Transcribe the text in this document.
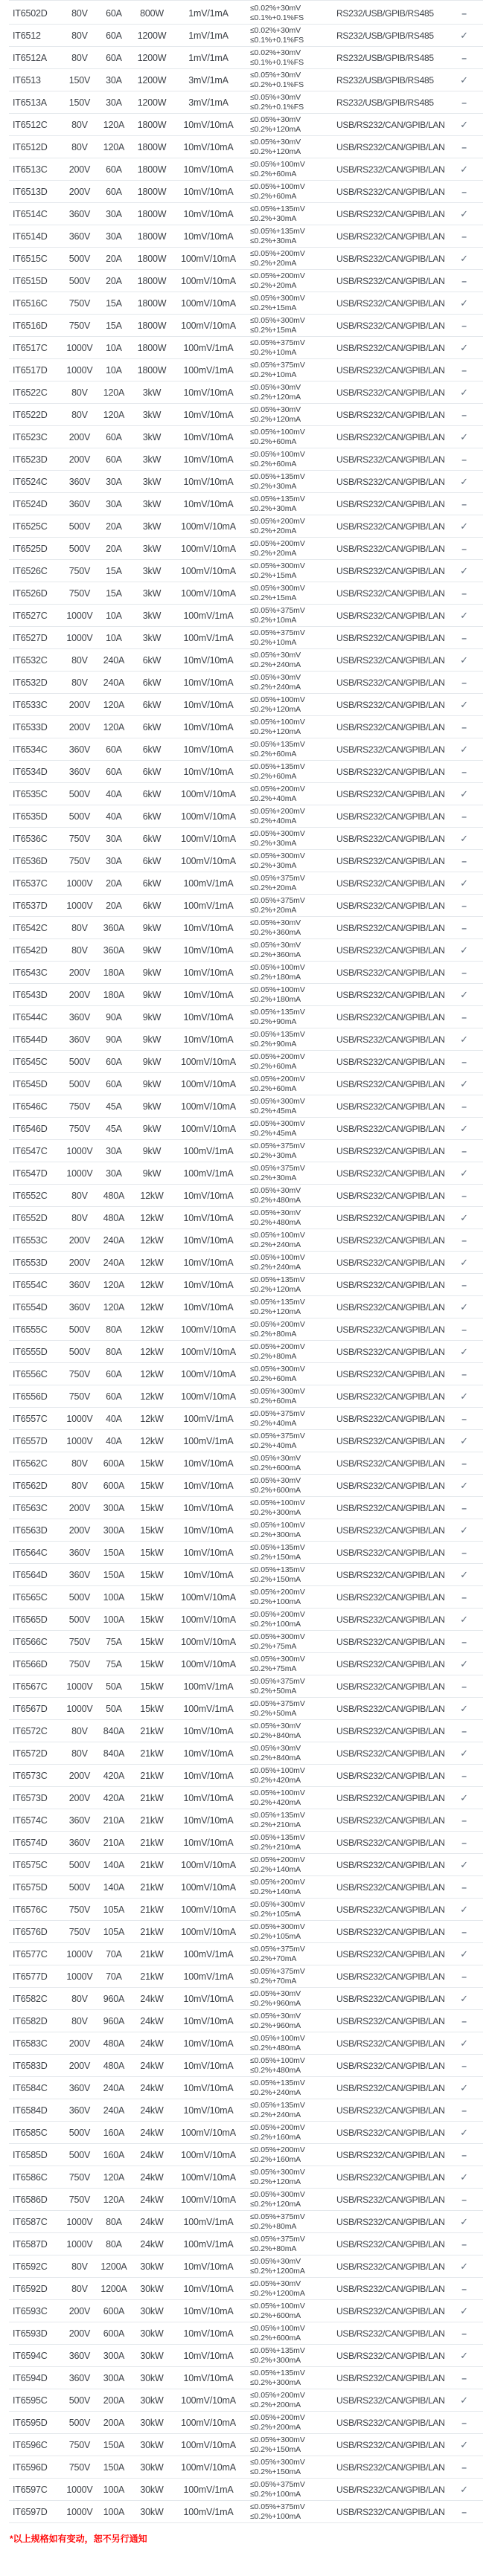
IT6502D	80V	60A	800W	1mV/1mA	≤0.02%+30mV
≤0.1%+0.1%FS	RS232/USB/GPIB/RS485	–
IT6512	80V	60A	1200W	1mV/1mA	≤0.02%+30mV
≤0.1%+0.1%FS	RS232/USB/GPIB/RS485	✓
IT6512A	80V	60A	1200W	1mV/1mA	≤0.02%+30mV
≤0.1%+0.1%FS	RS232/USB/GPIB/RS485	–
IT6513	150V	30A	1200W	3mV/1mA	≤0.05%+30mV
≤0.2%+0.1%FS	RS232/USB/GPIB/RS485	✓
IT6513A	150V	30A	1200W	3mV/1mA	≤0.05%+30mV
≤0.2%+0.1%FS	RS232/USB/GPIB/RS485	–
IT6512C	80V	120A	1800W	10mV/10mA	≤0.05%+30mV
≤0.2%+120mA	USB/RS232/CAN/GPIB/LAN	✓
IT6512D	80V	120A	1800W	10mV/10mA	≤0.05%+30mV
≤0.2%+120mA	USB/RS232/CAN/GPIB/LAN	–
IT6513C	200V	60A	1800W	10mV/10mA	≤0.05%+100mV
≤0.2%+60mA	USB/RS232/CAN/GPIB/LAN	✓
IT6513D	200V	60A	1800W	10mV/10mA	≤0.05%+100mV
≤0.2%+60mA	USB/RS232/CAN/GPIB/LAN	–
IT6514C	360V	30A	1800W	10mV/10mA	≤0.05%+135mV
≤0.2%+30mA	USB/RS232/CAN/GPIB/LAN	✓
IT6514D	360V	30A	1800W	10mV/10mA	≤0.05%+135mV
≤0.2%+30mA	USB/RS232/CAN/GPIB/LAN	–
IT6515C	500V	20A	1800W	100mV/10mA	≤0.05%+200mV
≤0.2%+20mA	USB/RS232/CAN/GPIB/LAN	✓
IT6515D	500V	20A	1800W	100mV/10mA	≤0.05%+200mV
≤0.2%+20mA	USB/RS232/CAN/GPIB/LAN	–
IT6516C	750V	15A	1800W	100mV/10mA	≤0.05%+300mV
≤0.2%+15mA	USB/RS232/CAN/GPIB/LAN	✓
IT6516D	750V	15A	1800W	100mV/10mA	≤0.05%+300mV
≤0.2%+15mA	USB/RS232/CAN/GPIB/LAN	–
IT6517C	1000V	10A	1800W	100mV/1mA	≤0.05%+375mV
≤0.2%+10mA	USB/RS232/CAN/GPIB/LAN	✓
IT6517D	1000V	10A	1800W	100mV/1mA	≤0.05%+375mV
≤0.2%+10mA	USB/RS232/CAN/GPIB/LAN	–
IT6522C	80V	120A	3kW	10mV/10mA	≤0.05%+30mV
≤0.2%+120mA	USB/RS232/CAN/GPIB/LAN	✓
IT6522D	80V	120A	3kW	10mV/10mA	≤0.05%+30mV
≤0.2%+120mA	USB/RS232/CAN/GPIB/LAN	–
IT6523C	200V	60A	3kW	10mV/10mA	≤0.05%+100mV
≤0.2%+60mA	USB/RS232/CAN/GPIB/LAN	✓
IT6523D	200V	60A	3kW	10mV/10mA	≤0.05%+100mV
≤0.2%+60mA	USB/RS232/CAN/GPIB/LAN	–
IT6524C	360V	30A	3kW	10mV/10mA	≤0.05%+135mV
≤0.2%+30mA	USB/RS232/CAN/GPIB/LAN	✓
IT6524D	360V	30A	3kW	10mV/10mA	≤0.05%+135mV
≤0.2%+30mA	USB/RS232/CAN/GPIB/LAN	–
IT6525C	500V	20A	3kW	100mV/10mA	≤0.05%+200mV
≤0.2%+20mA	USB/RS232/CAN/GPIB/LAN	✓
IT6525D	500V	20A	3kW	100mV/10mA	≤0.05%+200mV
≤0.2%+20mA	USB/RS232/CAN/GPIB/LAN	–
IT6526C	750V	15A	3kW	100mV/10mA	≤0.05%+300mV
≤0.2%+15mA	USB/RS232/CAN/GPIB/LAN	✓
IT6526D	750V	15A	3kW	100mV/10mA	≤0.05%+300mV
≤0.2%+15mA	USB/RS232/CAN/GPIB/LAN	–
IT6527C	1000V	10A	3kW	100mV/1mA	≤0.05%+375mV
≤0.2%+10mA	USB/RS232/CAN/GPIB/LAN	✓
IT6527D	1000V	10A	3kW	100mV/1mA	≤0.05%+375mV
≤0.2%+10mA	USB/RS232/CAN/GPIB/LAN	–
IT6532C	80V	240A	6kW	10mV/10mA	≤0.05%+30mV
≤0.2%+240mA	USB/RS232/CAN/GPIB/LAN	✓
IT6532D	80V	240A	6kW	10mV/10mA	≤0.05%+30mV
≤0.2%+240mA	USB/RS232/CAN/GPIB/LAN	–
IT6533C	200V	120A	6kW	10mV/10mA	≤0.05%+100mV
≤0.2%+120mA	USB/RS232/CAN/GPIB/LAN	✓
IT6533D	200V	120A	6kW	10mV/10mA	≤0.05%+100mV
≤0.2%+120mA	USB/RS232/CAN/GPIB/LAN	–
IT6534C	360V	60A	6kW	10mV/10mA	≤0.05%+135mV
≤0.2%+60mA	USB/RS232/CAN/GPIB/LAN	✓
IT6534D	360V	60A	6kW	10mV/10mA	≤0.05%+135mV
≤0.2%+60mA	USB/RS232/CAN/GPIB/LAN	–
IT6535C	500V	40A	6kW	100mV/10mA	≤0.05%+200mV
≤0.2%+40mA	USB/RS232/CAN/GPIB/LAN	✓
IT6535D	500V	40A	6kW	100mV/10mA	≤0.05%+200mV
≤0.2%+40mA	USB/RS232/CAN/GPIB/LAN	–
IT6536C	750V	30A	6kW	100mV/10mA	≤0.05%+300mV
≤0.2%+30mA	USB/RS232/CAN/GPIB/LAN	✓
IT6536D	750V	30A	6kW	100mV/10mA	≤0.05%+300mV
≤0.2%+30mA	USB/RS232/CAN/GPIB/LAN	–
IT6537C	1000V	20A	6kW	100mV/1mA	≤0.05%+375mV
≤0.2%+20mA	USB/RS232/CAN/GPIB/LAN	✓
IT6537D	1000V	20A	6kW	100mV/1mA	≤0.05%+375mV
≤0.2%+20mA	USB/RS232/CAN/GPIB/LAN	–
IT6542C	80V	360A	9kW	10mV/10mA	≤0.05%+30mV
≤0.2%+360mA	USB/RS232/CAN/GPIB/LAN	–
IT6542D	80V	360A	9kW	10mV/10mA	≤0.05%+30mV
≤0.2%+360mA	USB/RS232/CAN/GPIB/LAN	✓
IT6543C	200V	180A	9kW	10mV/10mA	≤0.05%+100mV
≤0.2%+180mA	USB/RS232/CAN/GPIB/LAN	–
IT6543D	200V	180A	9kW	10mV/10mA	≤0.05%+100mV
≤0.2%+180mA	USB/RS232/CAN/GPIB/LAN	✓
IT6544C	360V	90A	9kW	10mV/10mA	≤0.05%+135mV
≤0.2%+90mA	USB/RS232/CAN/GPIB/LAN	–
IT6544D	360V	90A	9kW	10mV/10mA	≤0.05%+135mV
≤0.2%+90mA	USB/RS232/CAN/GPIB/LAN	✓
IT6545C	500V	60A	9kW	100mV/10mA	≤0.05%+200mV
≤0.2%+60mA	USB/RS232/CAN/GPIB/LAN	–
IT6545D	500V	60A	9kW	100mV/10mA	≤0.05%+200mV
≤0.2%+60mA	USB/RS232/CAN/GPIB/LAN	✓
IT6546C	750V	45A	9kW	100mV/10mA	≤0.05%+300mV
≤0.2%+45mA	USB/RS232/CAN/GPIB/LAN	–
IT6546D	750V	45A	9kW	100mV/10mA	≤0.05%+300mV
≤0.2%+45mA	USB/RS232/CAN/GPIB/LAN	✓
IT6547C	1000V	30A	9kW	100mV/1mA	≤0.05%+375mV
≤0.2%+30mA	USB/RS232/CAN/GPIB/LAN	–
IT6547D	1000V	30A	9kW	100mV/1mA	≤0.05%+375mV
≤0.2%+30mA	USB/RS232/CAN/GPIB/LAN	✓
IT6552C	80V	480A	12kW	10mV/10mA	≤0.05%+30mV
≤0.2%+480mA	USB/RS232/CAN/GPIB/LAN	–
IT6552D	80V	480A	12kW	10mV/10mA	≤0.05%+30mV
≤0.2%+480mA	USB/RS232/CAN/GPIB/LAN	✓
IT6553C	200V	240A	12kW	10mV/10mA	≤0.05%+100mV
≤0.2%+240mA	USB/RS232/CAN/GPIB/LAN	–
IT6553D	200V	240A	12kW	10mV/10mA	≤0.05%+100mV
≤0.2%+240mA	USB/RS232/CAN/GPIB/LAN	✓
IT6554C	360V	120A	12kW	10mV/10mA	≤0.05%+135mV
≤0.2%+120mA	USB/RS232/CAN/GPIB/LAN	–
IT6554D	360V	120A	12kW	10mV/10mA	≤0.05%+135mV
≤0.2%+120mA	USB/RS232/CAN/GPIB/LAN	✓
IT6555C	500V	80A	12kW	100mV/10mA	≤0.05%+200mV
≤0.2%+80mA	USB/RS232/CAN/GPIB/LAN	–
IT6555D	500V	80A	12kW	100mV/10mA	≤0.05%+200mV
≤0.2%+80mA	USB/RS232/CAN/GPIB/LAN	✓
IT6556C	750V	60A	12kW	100mV/10mA	≤0.05%+300mV
≤0.2%+60mA	USB/RS232/CAN/GPIB/LAN	–
IT6556D	750V	60A	12kW	100mV/10mA	≤0.05%+300mV
≤0.2%+60mA	USB/RS232/CAN/GPIB/LAN	✓
IT6557C	1000V	40A	12kW	100mV/1mA	≤0.05%+375mV
≤0.2%+40mA	USB/RS232/CAN/GPIB/LAN	–
IT6557D	1000V	40A	12kW	100mV/1mA	≤0.05%+375mV
≤0.2%+40mA	USB/RS232/CAN/GPIB/LAN	✓
IT6562C	80V	600A	15kW	10mV/10mA	≤0.05%+30mV
≤0.2%+600mA	USB/RS232/CAN/GPIB/LAN	–
IT6562D	80V	600A	15kW	10mV/10mA	≤0.05%+30mV
≤0.2%+600mA	USB/RS232/CAN/GPIB/LAN	✓
IT6563C	200V	300A	15kW	10mV/10mA	≤0.05%+100mV
≤0.2%+300mA	USB/RS232/CAN/GPIB/LAN	–
IT6563D	200V	300A	15kW	10mV/10mA	≤0.05%+100mV
≤0.2%+300mA	USB/RS232/CAN/GPIB/LAN	✓
IT6564C	360V	150A	15kW	10mV/10mA	≤0.05%+135mV
≤0.2%+150mA	USB/RS232/CAN/GPIB/LAN	–
IT6564D	360V	150A	15kW	10mV/10mA	≤0.05%+135mV
≤0.2%+150mA	USB/RS232/CAN/GPIB/LAN	✓
IT6565C	500V	100A	15kW	100mV/10mA	≤0.05%+200mV
≤0.2%+100mA	USB/RS232/CAN/GPIB/LAN	–
IT6565D	500V	100A	15kW	100mV/10mA	≤0.05%+200mV
≤0.2%+100mA	USB/RS232/CAN/GPIB/LAN	✓
IT6566C	750V	75A	15kW	100mV/10mA	≤0.05%+300mV
≤0.2%+75mA	USB/RS232/CAN/GPIB/LAN	–
IT6566D	750V	75A	15kW	100mV/10mA	≤0.05%+300mV
≤0.2%+75mA	USB/RS232/CAN/GPIB/LAN	✓
IT6567C	1000V	50A	15kW	100mV/1mA	≤0.05%+375mV
≤0.2%+50mA	USB/RS232/CAN/GPIB/LAN	–
IT6567D	1000V	50A	15kW	100mV/1mA	≤0.05%+375mV
≤0.2%+50mA	USB/RS232/CAN/GPIB/LAN	✓
IT6572C	80V	840A	21kW	10mV/10mA	≤0.05%+30mV
≤0.2%+840mA	USB/RS232/CAN/GPIB/LAN	–
IT6572D	80V	840A	21kW	10mV/10mA	≤0.05%+30mV
≤0.2%+840mA	USB/RS232/CAN/GPIB/LAN	✓
IT6573C	200V	420A	21kW	10mV/10mA	≤0.05%+100mV
≤0.2%+420mA	USB/RS232/CAN/GPIB/LAN	–
IT6573D	200V	420A	21kW	10mV/10mA	≤0.05%+100mV
≤0.2%+420mA	USB/RS232/CAN/GPIB/LAN	✓
IT6574C	360V	210A	21kW	10mV/10mA	≤0.05%+135mV
≤0.2%+210mA	USB/RS232/CAN/GPIB/LAN	–
IT6574D	360V	210A	21kW	10mV/10mA	≤0.05%+135mV
≤0.2%+210mA	USB/RS232/CAN/GPIB/LAN	–
IT6575C	500V	140A	21kW	100mV/10mA	≤0.05%+200mV
≤0.2%+140mA	USB/RS232/CAN/GPIB/LAN	✓
IT6575D	500V	140A	21kW	100mV/10mA	≤0.05%+200mV
≤0.2%+140mA	USB/RS232/CAN/GPIB/LAN	–
IT6576C	750V	105A	21kW	100mV/10mA	≤0.05%+300mV
≤0.2%+105mA	USB/RS232/CAN/GPIB/LAN	✓
IT6576D	750V	105A	21kW	100mV/10mA	≤0.05%+300mV
≤0.2%+105mA	USB/RS232/CAN/GPIB/LAN	–
IT6577C	1000V	70A	21kW	100mV/1mA	≤0.05%+375mV
≤0.2%+70mA	USB/RS232/CAN/GPIB/LAN	✓
IT6577D	1000V	70A	21kW	100mV/1mA	≤0.05%+375mV
≤0.2%+70mA	USB/RS232/CAN/GPIB/LAN	–
IT6582C	80V	960A	24kW	10mV/10mA	≤0.05%+30mV
≤0.2%+960mA	USB/RS232/CAN/GPIB/LAN	✓
IT6582D	80V	960A	24kW	10mV/10mA	≤0.05%+30mV
≤0.2%+960mA	USB/RS232/CAN/GPIB/LAN	–
IT6583C	200V	480A	24kW	10mV/10mA	≤0.05%+100mV
≤0.2%+480mA	USB/RS232/CAN/GPIB/LAN	✓
IT6583D	200V	480A	24kW	10mV/10mA	≤0.05%+100mV
≤0.2%+480mA	USB/RS232/CAN/GPIB/LAN	–
IT6584C	360V	240A	24kW	10mV/10mA	≤0.05%+135mV
≤0.2%+240mA	USB/RS232/CAN/GPIB/LAN	✓
IT6584D	360V	240A	24kW	10mV/10mA	≤0.05%+135mV
≤0.2%+240mA	USB/RS232/CAN/GPIB/LAN	–
IT6585C	500V	160A	24kW	100mV/10mA	≤0.05%+200mV
≤0.2%+160mA	USB/RS232/CAN/GPIB/LAN	✓
IT6585D	500V	160A	24kW	100mV/10mA	≤0.05%+200mV
≤0.2%+160mA	USB/RS232/CAN/GPIB/LAN	–
IT6586C	750V	120A	24kW	100mV/10mA	≤0.05%+300mV
≤0.2%+120mA	USB/RS232/CAN/GPIB/LAN	✓
IT6586D	750V	120A	24kW	100mV/10mA	≤0.05%+300mV
≤0.2%+120mA	USB/RS232/CAN/GPIB/LAN	–
IT6587C	1000V	80A	24kW	100mV/1mA	≤0.05%+375mV
≤0.2%+80mA	USB/RS232/CAN/GPIB/LAN	✓
IT6587D	1000V	80A	24kW	100mV/1mA	≤0.05%+375mV
≤0.2%+80mA	USB/RS232/CAN/GPIB/LAN	–
IT6592C	80V	1200A	30kW	10mV/10mA	≤0.05%+30mV
≤0.2%+1200mA	USB/RS232/CAN/GPIB/LAN	✓
IT6592D	80V	1200A	30kW	10mV/10mA	≤0.05%+30mV
≤0.2%+1200mA	USB/RS232/CAN/GPIB/LAN	–
IT6593C	200V	600A	30kW	10mV/10mA	≤0.05%+100mV
≤0.2%+600mA	USB/RS232/CAN/GPIB/LAN	✓
IT6593D	200V	600A	30kW	10mV/10mA	≤0.05%+100mV
≤0.2%+600mA	USB/RS232/CAN/GPIB/LAN	–
IT6594C	360V	300A	30kW	10mV/10mA	≤0.05%+135mV
≤0.2%+300mA	USB/RS232/CAN/GPIB/LAN	✓
IT6594D	360V	300A	30kW	10mV/10mA	≤0.05%+135mV
≤0.2%+300mA	USB/RS232/CAN/GPIB/LAN	–
IT6595C	500V	200A	30kW	100mV/10mA	≤0.05%+200mV
≤0.2%+200mA	USB/RS232/CAN/GPIB/LAN	✓
IT6595D	500V	200A	30kW	100mV/10mA	≤0.05%+200mV
≤0.2%+200mA	USB/RS232/CAN/GPIB/LAN	–
IT6596C	750V	150A	30kW	100mV/10mA	≤0.05%+300mV
≤0.2%+150mA	USB/RS232/CAN/GPIB/LAN	✓
IT6596D	750V	150A	30kW	100mV/10mA	≤0.05%+300mV
≤0.2%+150mA	USB/RS232/CAN/GPIB/LAN	–
IT6597C	1000V	100A	30kW	100mV/1mA	≤0.05%+375mV
≤0.2%+100mA	USB/RS232/CAN/GPIB/LAN	✓
IT6597D	1000V	100A	30kW	100mV/1mA	≤0.05%+375mV
≤0.2%+100mA	USB/RS232/CAN/GPIB/LAN	–
*以上规格如有变动，恕不另行通知
